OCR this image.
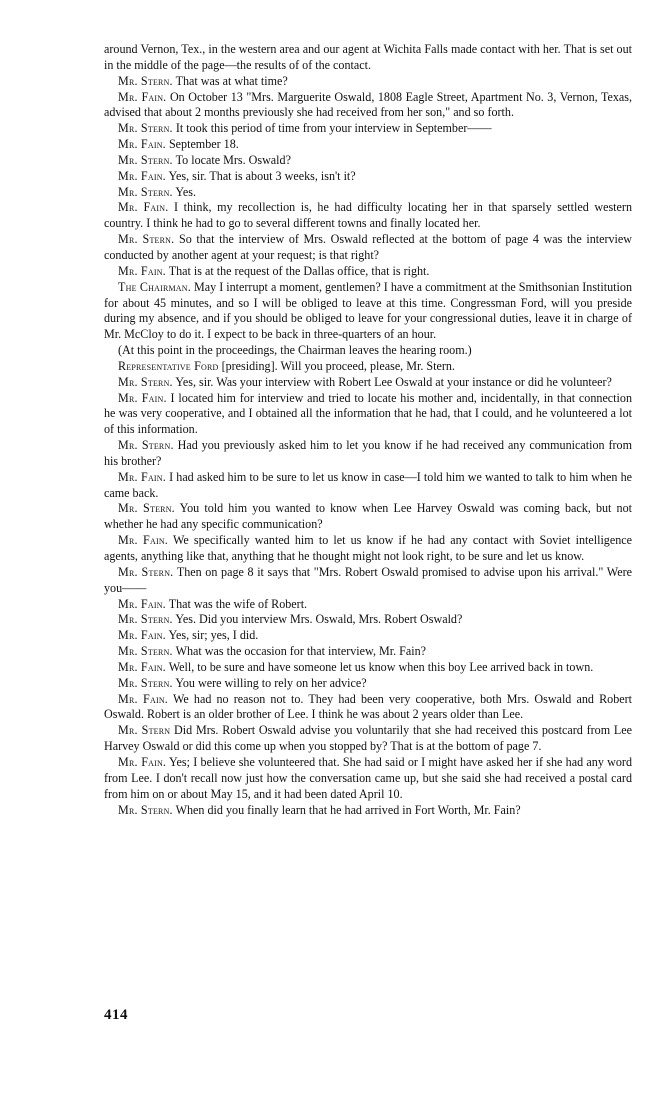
around Vernon, Tex., in the western area and our agent at Wichita Falls made contact with her. That is set out in the middle of the page—the results of of the contact.

Mr. Stern. That was at what time?

Mr. Fain. On October 13 "Mrs. Marguerite Oswald, 1808 Eagle Street, Apartment No. 3, Vernon, Texas, advised that about 2 months previously she had received from her son," and so forth.

Mr. Stern. It took this period of time from your interview in September——

Mr. Fain. September 18.

Mr. Stern. To locate Mrs. Oswald?

Mr. Fain. Yes, sir. That is about 3 weeks, isn't it?

Mr. Stern. Yes.

Mr. Fain. I think, my recollection is, he had difficulty locating her in that sparsely settled western country. I think he had to go to several different towns and finally located her.

Mr. Stern. So that the interview of Mrs. Oswald reflected at the bottom of page 4 was the interview conducted by another agent at your request; is that right?

Mr. Fain. That is at the request of the Dallas office, that is right.

The Chairman. May I interrupt a moment, gentlemen? I have a commitment at the Smithsonian Institution for about 45 minutes, and so I will be obliged to leave at this time. Congressman Ford, will you preside during my absence, and if you should be obliged to leave for your congressional duties, leave it in charge of Mr. McCloy to do it. I expect to be back in three-quarters of an hour.

(At this point in the proceedings, the Chairman leaves the hearing room.)

Representative Ford [presiding]. Will you proceed, please, Mr. Stern.

Mr. Stern. Yes, sir. Was your interview with Robert Lee Oswald at your instance or did he volunteer?

Mr. Fain. I located him for interview and tried to locate his mother and, incidentally, in that connection he was very cooperative, and I obtained all the information that he had, that I could, and he volunteered a lot of this information.

Mr. Stern. Had you previously asked him to let you know if he had received any communication from his brother?

Mr. Fain. I had asked him to be sure to let us know in case—I told him we wanted to talk to him when he came back.

Mr. Stern. You told him you wanted to know when Lee Harvey Oswald was coming back, but not whether he had any specific communication?

Mr. Fain. We specifically wanted him to let us know if he had any contact with Soviet intelligence agents, anything like that, anything that he thought might not look right, to be sure and let us know.

Mr. Stern. Then on page 8 it says that "Mrs. Robert Oswald promised to advise upon his arrival." Were you——

Mr. Fain. That was the wife of Robert.

Mr. Stern. Yes. Did you interview Mrs. Oswald, Mrs. Robert Oswald?

Mr. Fain. Yes, sir; yes, I did.

Mr. Stern. What was the occasion for that interview, Mr. Fain?

Mr. Fain. Well, to be sure and have someone let us know when this boy Lee arrived back in town.

Mr. Stern. You were willing to rely on her advice?

Mr. Fain. We had no reason not to. They had been very cooperative, both Mrs. Oswald and Robert Oswald. Robert is an older brother of Lee. I think he was about 2 years older than Lee.

Mr. Stern Did Mrs. Robert Oswald advise you voluntarily that she had received this postcard from Lee Harvey Oswald or did this come up when you stopped by? That is at the bottom of page 7.

Mr. Fain. Yes; I believe she volunteered that. She had said or I might have asked her if she had any word from Lee. I don't recall now just how the conversation came up, but she said she had received a postal card from him on or about May 15, and it had been dated April 10.

Mr. Stern. When did you finally learn that he had arrived in Fort Worth, Mr. Fain?

414
